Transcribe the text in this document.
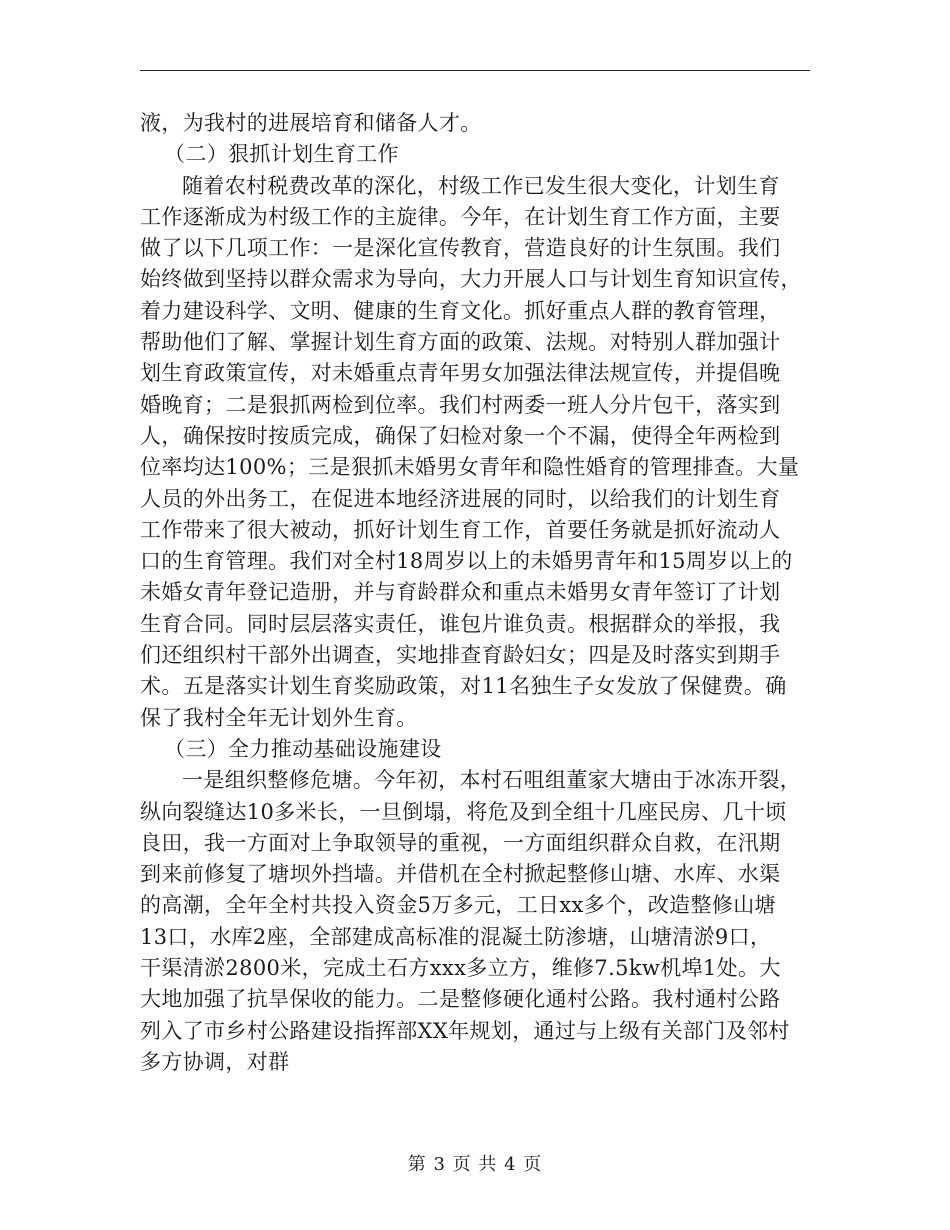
液，为我村的进展培育和储备人才。
（二）狠抓计划生育工作
随着农村税费改革的深化，村级工作已发生很大变化，计划生育
工作逐渐成为村级工作的主旋律。今年，在计划生育工作方面，主要
做了以下几项工作：一是深化宣传教育，营造良好的计生氛围。我们
始终做到坚持以群众需求为导向，大力开展人口与计划生育知识宣传，
着力建设科学、文明、健康的生育文化。抓好重点人群的教育管理，
帮助他们了解、掌握计划生育方面的政策、法规。对特别人群加强计
划生育政策宣传，对未婚重点青年男女加强法律法规宣传，并提倡晚
婚晚育；二是狠抓两检到位率。我们村两委一班人分片包干，落实到
人，确保按时按质完成，确保了妇检对象一个不漏，使得全年两检到
位率均达100%；三是狠抓未婚男女青年和隐性婚育的管理排查。大量
人员的外出务工，在促进本地经济进展的同时，以给我们的计划生育
工作带来了很大被动，抓好计划生育工作，首要任务就是抓好流动人
口的生育管理。我们对全村18周岁以上的未婚男青年和15周岁以上的
未婚女青年登记造册，并与育龄群众和重点未婚男女青年签订了计划
生育合同。同时层层落实责任，谁包片谁负责。根据群众的举报，我
们还组织村干部外出调查，实地排查育龄妇女；四是及时落实到期手
术。五是落实计划生育奖励政策，对11名独生子女发放了保健费。确
保了我村全年无计划外生育。
（三）全力推动基础设施建设
一是组织整修危塘。今年初，本村石咀组董家大塘由于冰冻开裂，
纵向裂缝达10多米长，一旦倒塌，将危及到全组十几座民房、几十顷
良田，我一方面对上争取领导的重视，一方面组织群众自救，在汛期
到来前修复了塘坝外挡墙。并借机在全村掀起整修山塘、水库、水渠
的高潮，全年全村共投入资金5万多元，工日xx多个，改造整修山塘
13口，水库2座，全部建成高标准的混凝土防渗塘，山塘清淤9口，
干渠清淤2800米，完成土石方xxx多立方，维修7.5kw机埠1处。大
大地加强了抗旱保收的能力。二是整修硬化通村公路。我村通村公路
列入了市乡村公路建设指挥部XX年规划，通过与上级有关部门及邻村
多方协调，对群
第 3 页 共 4 页
